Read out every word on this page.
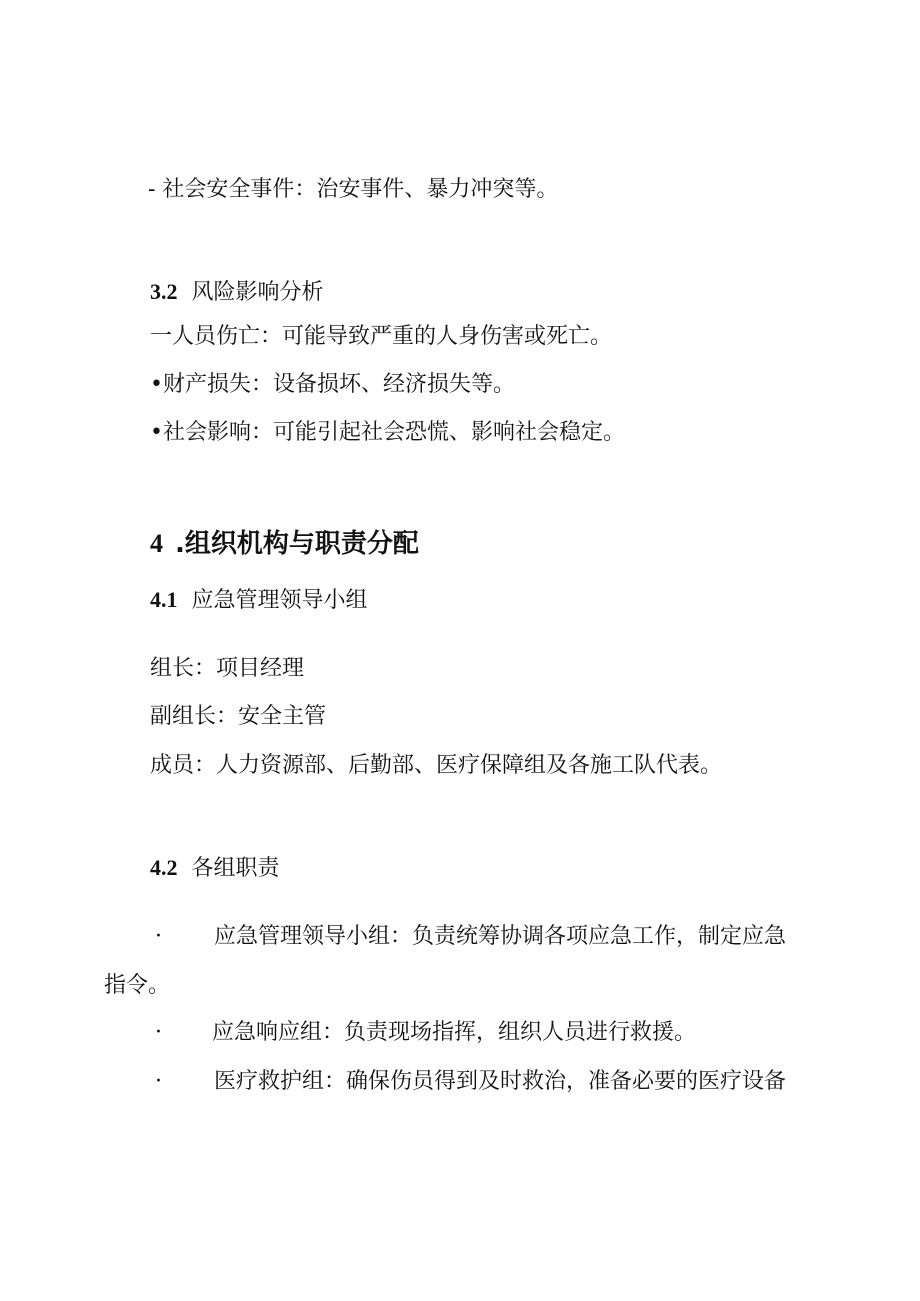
- 社会安全事件：治安事件、暴力冲突等。
3.2 风险影响分析
一人员伤亡：可能导致严重的人身伤害或死亡。
•财产损失：设备损坏、经济损失等。
•社会影响：可能引起社会恐慌、影响社会稳定。
4 .组织机构与职责分配
4.1 应急管理领导小组
组长：项目经理
副组长：安全主管
成员：人力资源部、后勤部、医疗保障组及各施工队代表。
4.2 各组职责
· 应急管理领导小组：负责统筹协调各项应急工作，制定应急
指令。
· 应急响应组：负责现场指挥，组织人员进行救援。
· 医疗救护组：确保伤员得到及时救治，准备必要的医疗设备
